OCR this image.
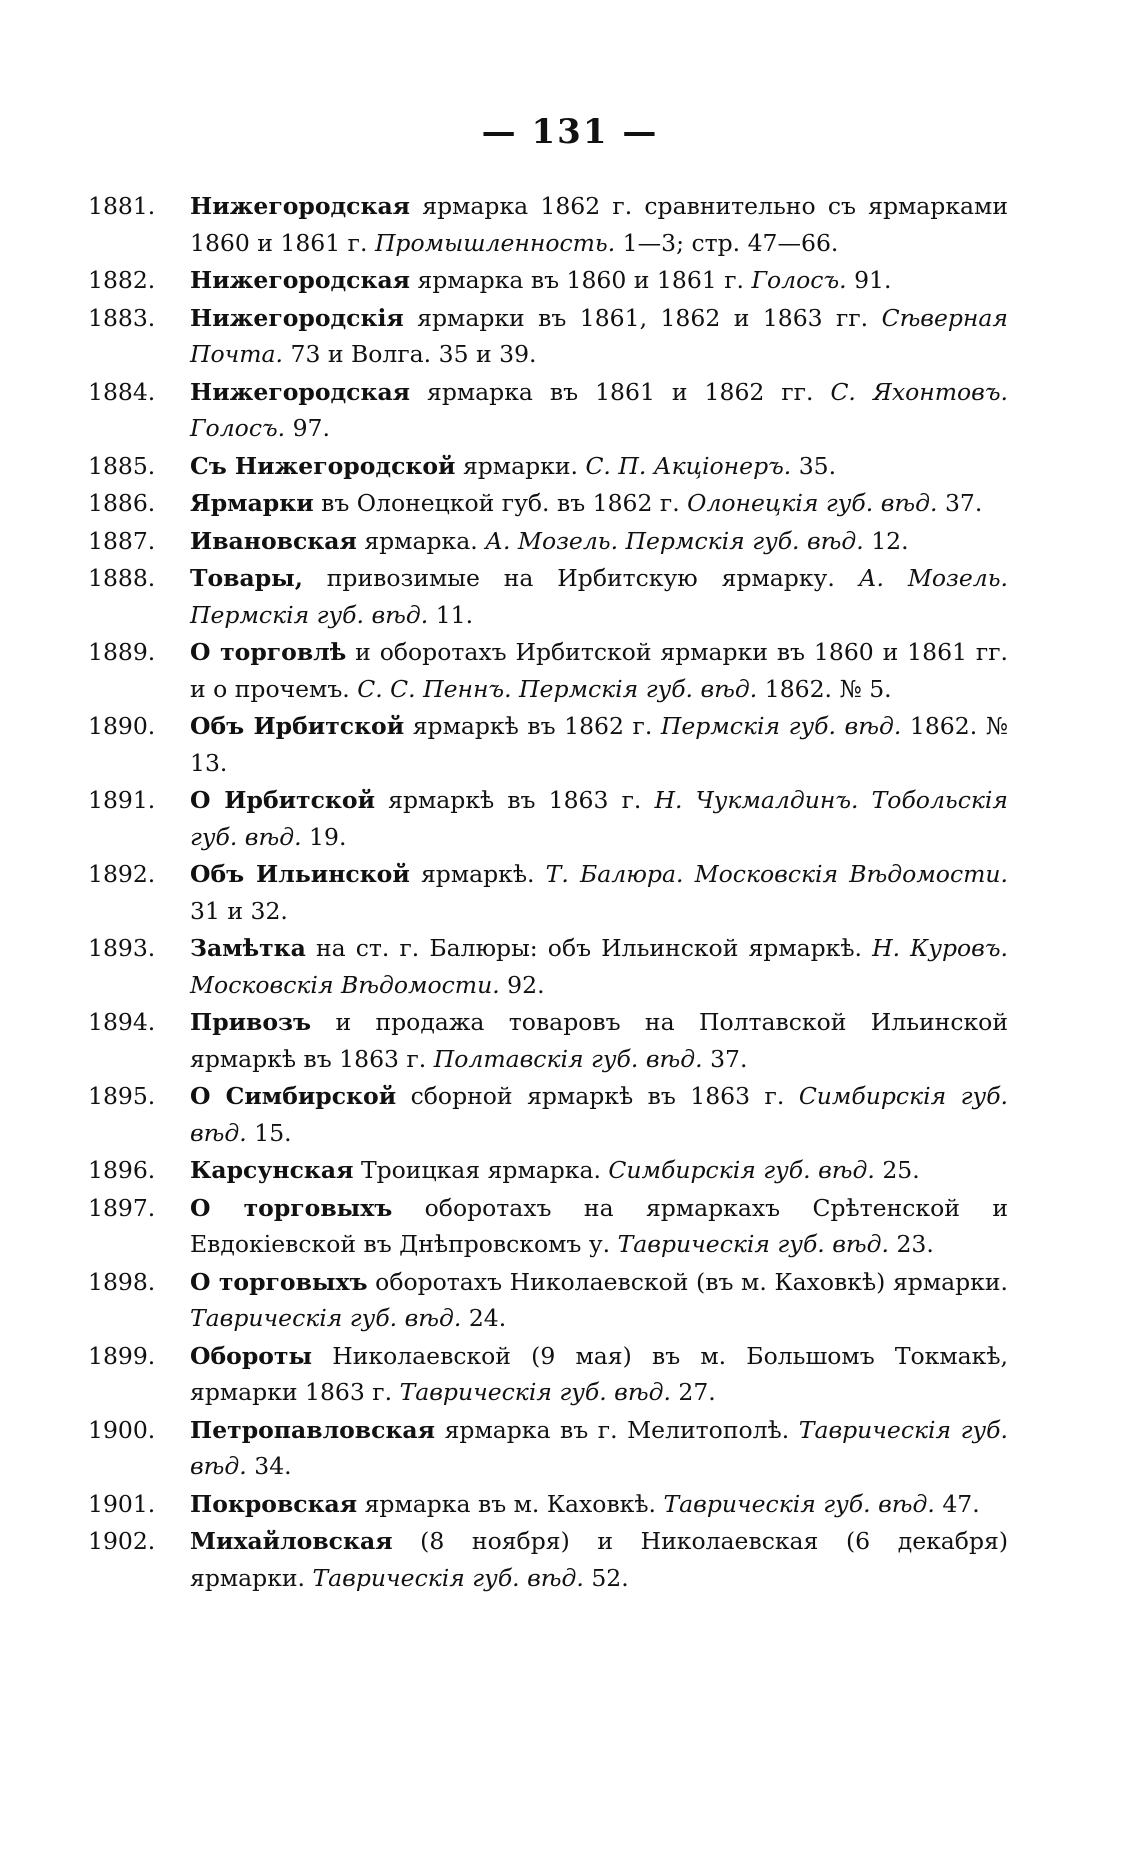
— 131 —
1881.	Нижегородская ярмарка 1862 г. сравнительно съ ярмарками 1860 и 1861 г. Промышленность. 1—3; стр. 47—66.
1882.	Нижегородская ярмарка въ 1860 и 1861 г. Голосъ. 91.
1883.	Нижегородскія ярмарки въ 1861, 1862 и 1863 гг. Сѣверная Почта. 73 и Волга. 35 и 39.
1884.	Нижегородская ярмарка въ 1861 и 1862 гг. С. Яхонтовъ. Голосъ. 97.
1885.	Съ Нижегородской ярмарки. С. П. Акціонеръ. 35.
1886.	Ярмарки въ Олонецкой губ. въ 1862 г. Олонецкія губ. вѣд. 37.
1887.	Ивановская ярмарка. А. Мозель. Пермскія губ. вѣд. 12.
1888.	Товары, привозимые на Ирбитскую ярмарку. А. Мозель. Пермскія губ. вѣд. 11.
1889.	О торговлѣ и оборотахъ Ирбитской ярмарки въ 1860 и 1861 гг. и о прочемъ. С. С. Пеннъ. Пермскія губ. вѣд. 1862. № 5.
1890.	Объ Ирбитской ярмаркѣ въ 1862 г. Пермскія губ. вѣд. 1862. № 13.
1891.	О Ирбитской ярмаркѣ въ 1863 г. Н. Чукмалдинъ. Тобольскія губ. вѣд. 19.
1892.	Объ Ильинской ярмаркѣ. Т. Балюра. Московскія Вѣдомости. 31 и 32.
1893.	Замѣтка на ст. г. Балюры: объ Ильинской ярмаркѣ. Н. Куровъ. Московскія Вѣдомости. 92.
1894.	Привозъ и продажа товаровъ на Полтавской Ильинской ярмаркѣ въ 1863 г. Полтавскія губ. вѣд. 37.
1895.	О Симбирской сборной ярмаркѣ въ 1863 г. Симбирскія губ. вѣд. 15.
1896.	Карсунская Троицкая ярмарка. Симбирскія губ. вѣд. 25.
1897.	О торговыхъ оборотахъ на ярмаркахъ Срѣтенской и Евдокіевской въ Днѣпровскомъ у. Таврическія губ. вѣд. 23.
1898.	О торговыхъ оборотахъ Николаевской (въ м. Каховкѣ) ярмарки. Таврическія губ. вѣд. 24.
1899.	Обороты Николаевской (9 мая) въ м. Большомъ Токмакѣ, ярмарки 1863 г. Таврическія губ. вѣд. 27.
1900.	Петропавловская ярмарка въ г. Мелитополѣ. Таврическія губ. вѣд. 34.
1901.	Покровская ярмарка въ м. Каховкѣ. Таврическія губ. вѣд. 47.
1902.	Михайловская (8 ноября) и Николаевская (6 декабря) ярмарки. Таврическія губ. вѣд. 52.
